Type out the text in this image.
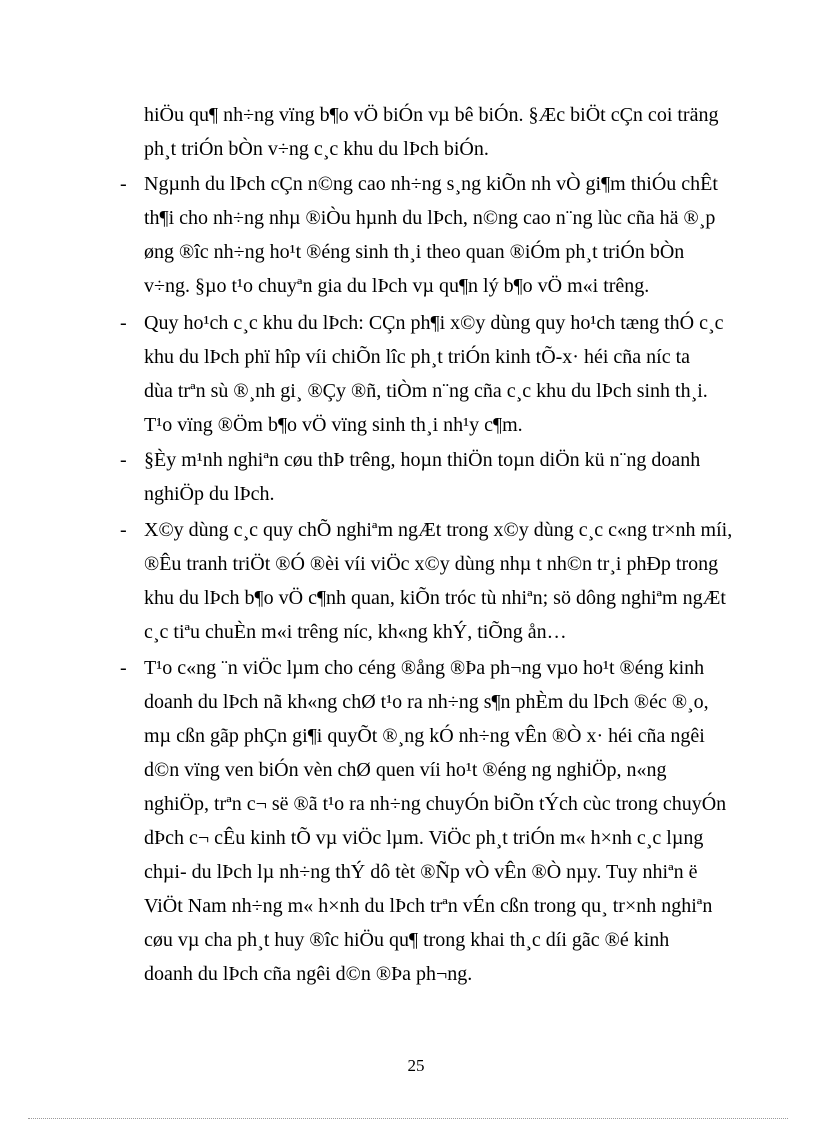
hiÖu qu¶ nh÷ng vïng b¶o vÖ biÓn vµ bê biÓn. §Æc biÖt cÇn coi träng
ph¸t triÓn bÒn v÷ng c¸c khu du lÞch biÓn.
- Ngµnh du lÞch cÇn n©ng cao nh÷ng s¸ng kiÕn nh vÒ gi¶m thiÓu chÊt
th¶i cho nh÷ng nhµ ®iÒu hµnh du lÞch, n©ng cao n¨ng lùc cña hä ®¸p
øng ®îc nh÷ng ho¹t ®éng sinh th¸i theo quan ®iÓm ph¸t triÓn bÒn
v÷ng. §µo t¹o chuyªn gia du lÞch vµ qu¶n lý b¶o vÖ m«i trêng.
- Quy ho¹ch c¸c khu du lÞch: CÇn ph¶i x©y dùng quy ho¹ch tæng thÓ c¸c
khu du lÞch phï hîp víi chiÕn lîc ph¸t triÓn kinh tÕ-x· héi cña níc ta
dùa trªn sù ®¸nh gi¸ ®Çy ®ñ, tiÒm n¨ng cña c¸c khu du lÞch sinh th¸i.
T¹o vïng ®Öm b¶o vÖ vïng sinh th¸i nh¹y c¶m.
- §Èy m¹nh nghiªn cøu thÞ trêng, hoµn thiÖn toµn diÖn kü n¨ng doanh
nghiÖp du lÞch.
- X©y dùng c¸c quy chÕ nghiªm ngÆt trong x©y dùng c¸c c«ng tr×nh míi,
®Êu tranh triÖt ®Ó ®èi víi viÖc x©y dùng nhµ t nh©n tr¸i phÐp trong
khu du lÞch b¶o vÖ c¶nh quan, kiÕn tróc tù nhiªn; sö dông nghiªm ngÆt
c¸c tiªu chuÈn m«i trêng níc, kh«ng khÝ, tiÕng ån…
- T¹o c«ng ¨n viÖc lµm cho céng ®ång ®Þa ph¬ng vµo ho¹t ®éng kinh
doanh du lÞch nã kh«ng chØ t¹o ra nh÷ng s¶n phÈm du lÞch ®éc ®¸o,
mµ cßn gãp phÇn gi¶i quyÕt ®¸ng kÓ nh÷ng vÊn ®Ò x· héi cña ngêi
d©n vïng ven biÓn vèn chØ quen víi ho¹t ®éng ng nghiÖp, n«ng
nghiÖp, trªn c¬ së ®ã t¹o ra nh÷ng chuyÓn biÕn tÝch cùc trong chuyÓn
dÞch c¬ cÊu kinh tÕ vµ viÖc lµm. ViÖc ph¸t triÓn m« h×nh c¸c lµng
chµi- du lÞch lµ nh÷ng thÝ dô tèt ®Ñp vÒ vÊn ®Ò nµy. Tuy nhiªn ë
ViÖt Nam nh÷ng m« h×nh du lÞch trªn vÉn cßn trong qu¸ tr×nh nghiªn
cøu vµ cha ph¸t huy ®îc hiÖu qu¶ trong khai th¸c díi gãc ®é kinh
doanh du lÞch cña ngêi d©n ®Þa ph¬ng.
25
